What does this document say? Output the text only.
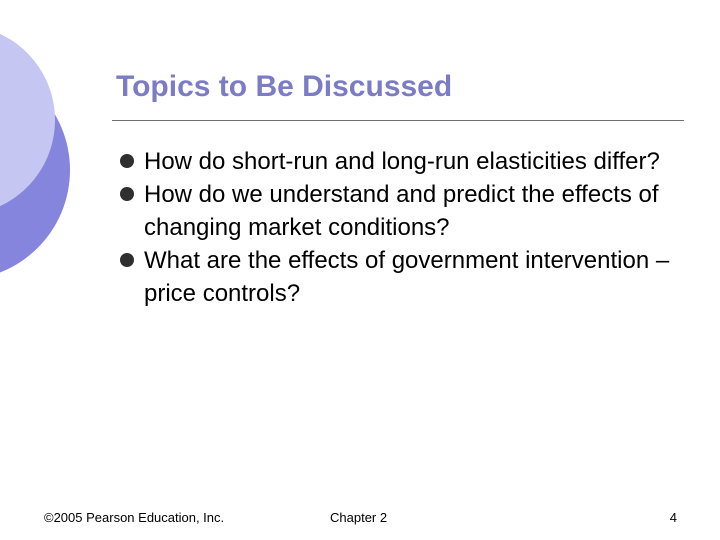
Topics to Be Discussed
How do short-run and long-run elasticities differ?
How do we understand and predict the effects of changing market conditions?
What are the effects of government intervention – price controls?
©2005 Pearson Education, Inc.	Chapter 2	4
